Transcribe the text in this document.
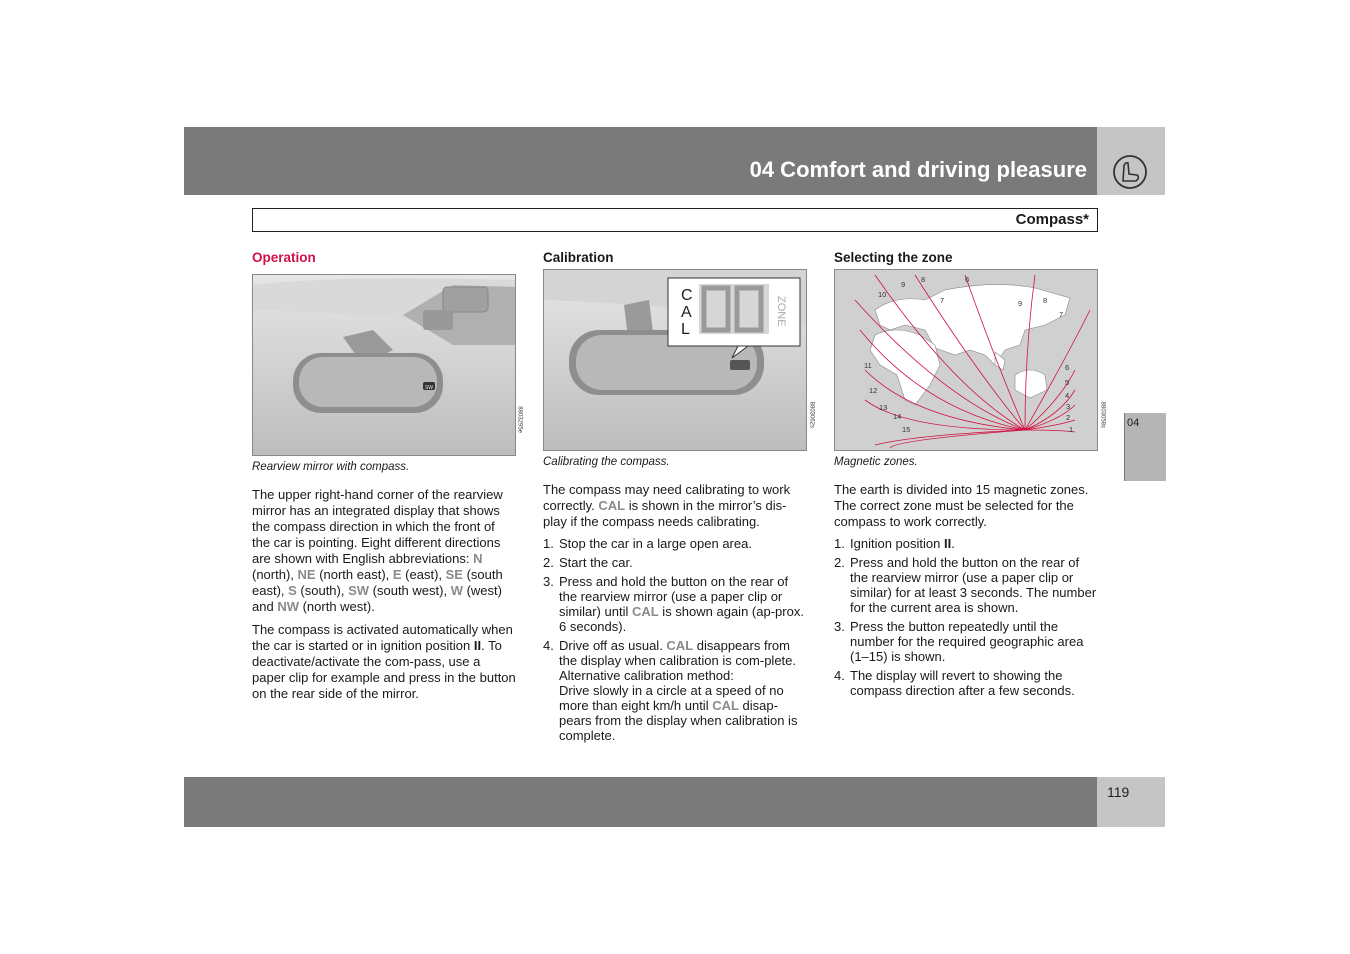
04 Comfort and driving pleasure
Compass*
04
Operation
SW
8803295e
Rearview mirror with compass.

The upper right-hand corner of the rearview mirror has an integrated display that shows the compass direction in which the front of the car is pointing. Eight different directions are shown with English abbreviations: N (north), NE (north east), E (east), SE (south east), S (south), SW (south west), W (west) and NW (north west).

The compass is activated automatically when the car is started or in ignition position II. To deactivate/activate the com-pass, use a paper clip for example and press in the button on the rear side of the mirror.

Calibration
C
A
L
ZONE
8803062s
Calibrating the compass.

The compass may need calibrating to work correctly. CAL is shown in the mirror’s dis-play if the compass needs calibrating.

1. Stop the car in a large open area.
2. Start the car.
3. Press and hold the button on the rear of the rearview mirror (use a paper clip or similar) until CAL is shown again (ap-prox. 6 seconds).
4. Drive off as usual. CAL disappears from the display when calibration is com-plete.
Alternative calibration method:
Drive slowly in a circle at a speed of no more than eight km/h until CAL disap-pears from the display when calibration is complete.
Selecting the zone
1
2
3
4
5
6
7
8
9
10
11
12
13
14
15
6
7
8
9
8803058s
Magnetic zones.

The earth is divided into 15 magnetic zones. The correct zone must be selected for the compass to work correctly.

1. Ignition position II.
2. Press and hold the button on the rear of the rearview mirror (use a paper clip or similar) for at least 3 seconds. The number for the current area is shown.
3. Press the button repeatedly until the number for the required geographic area (1–15) is shown.
4. The display will revert to showing the compass direction after a few seconds.
119
